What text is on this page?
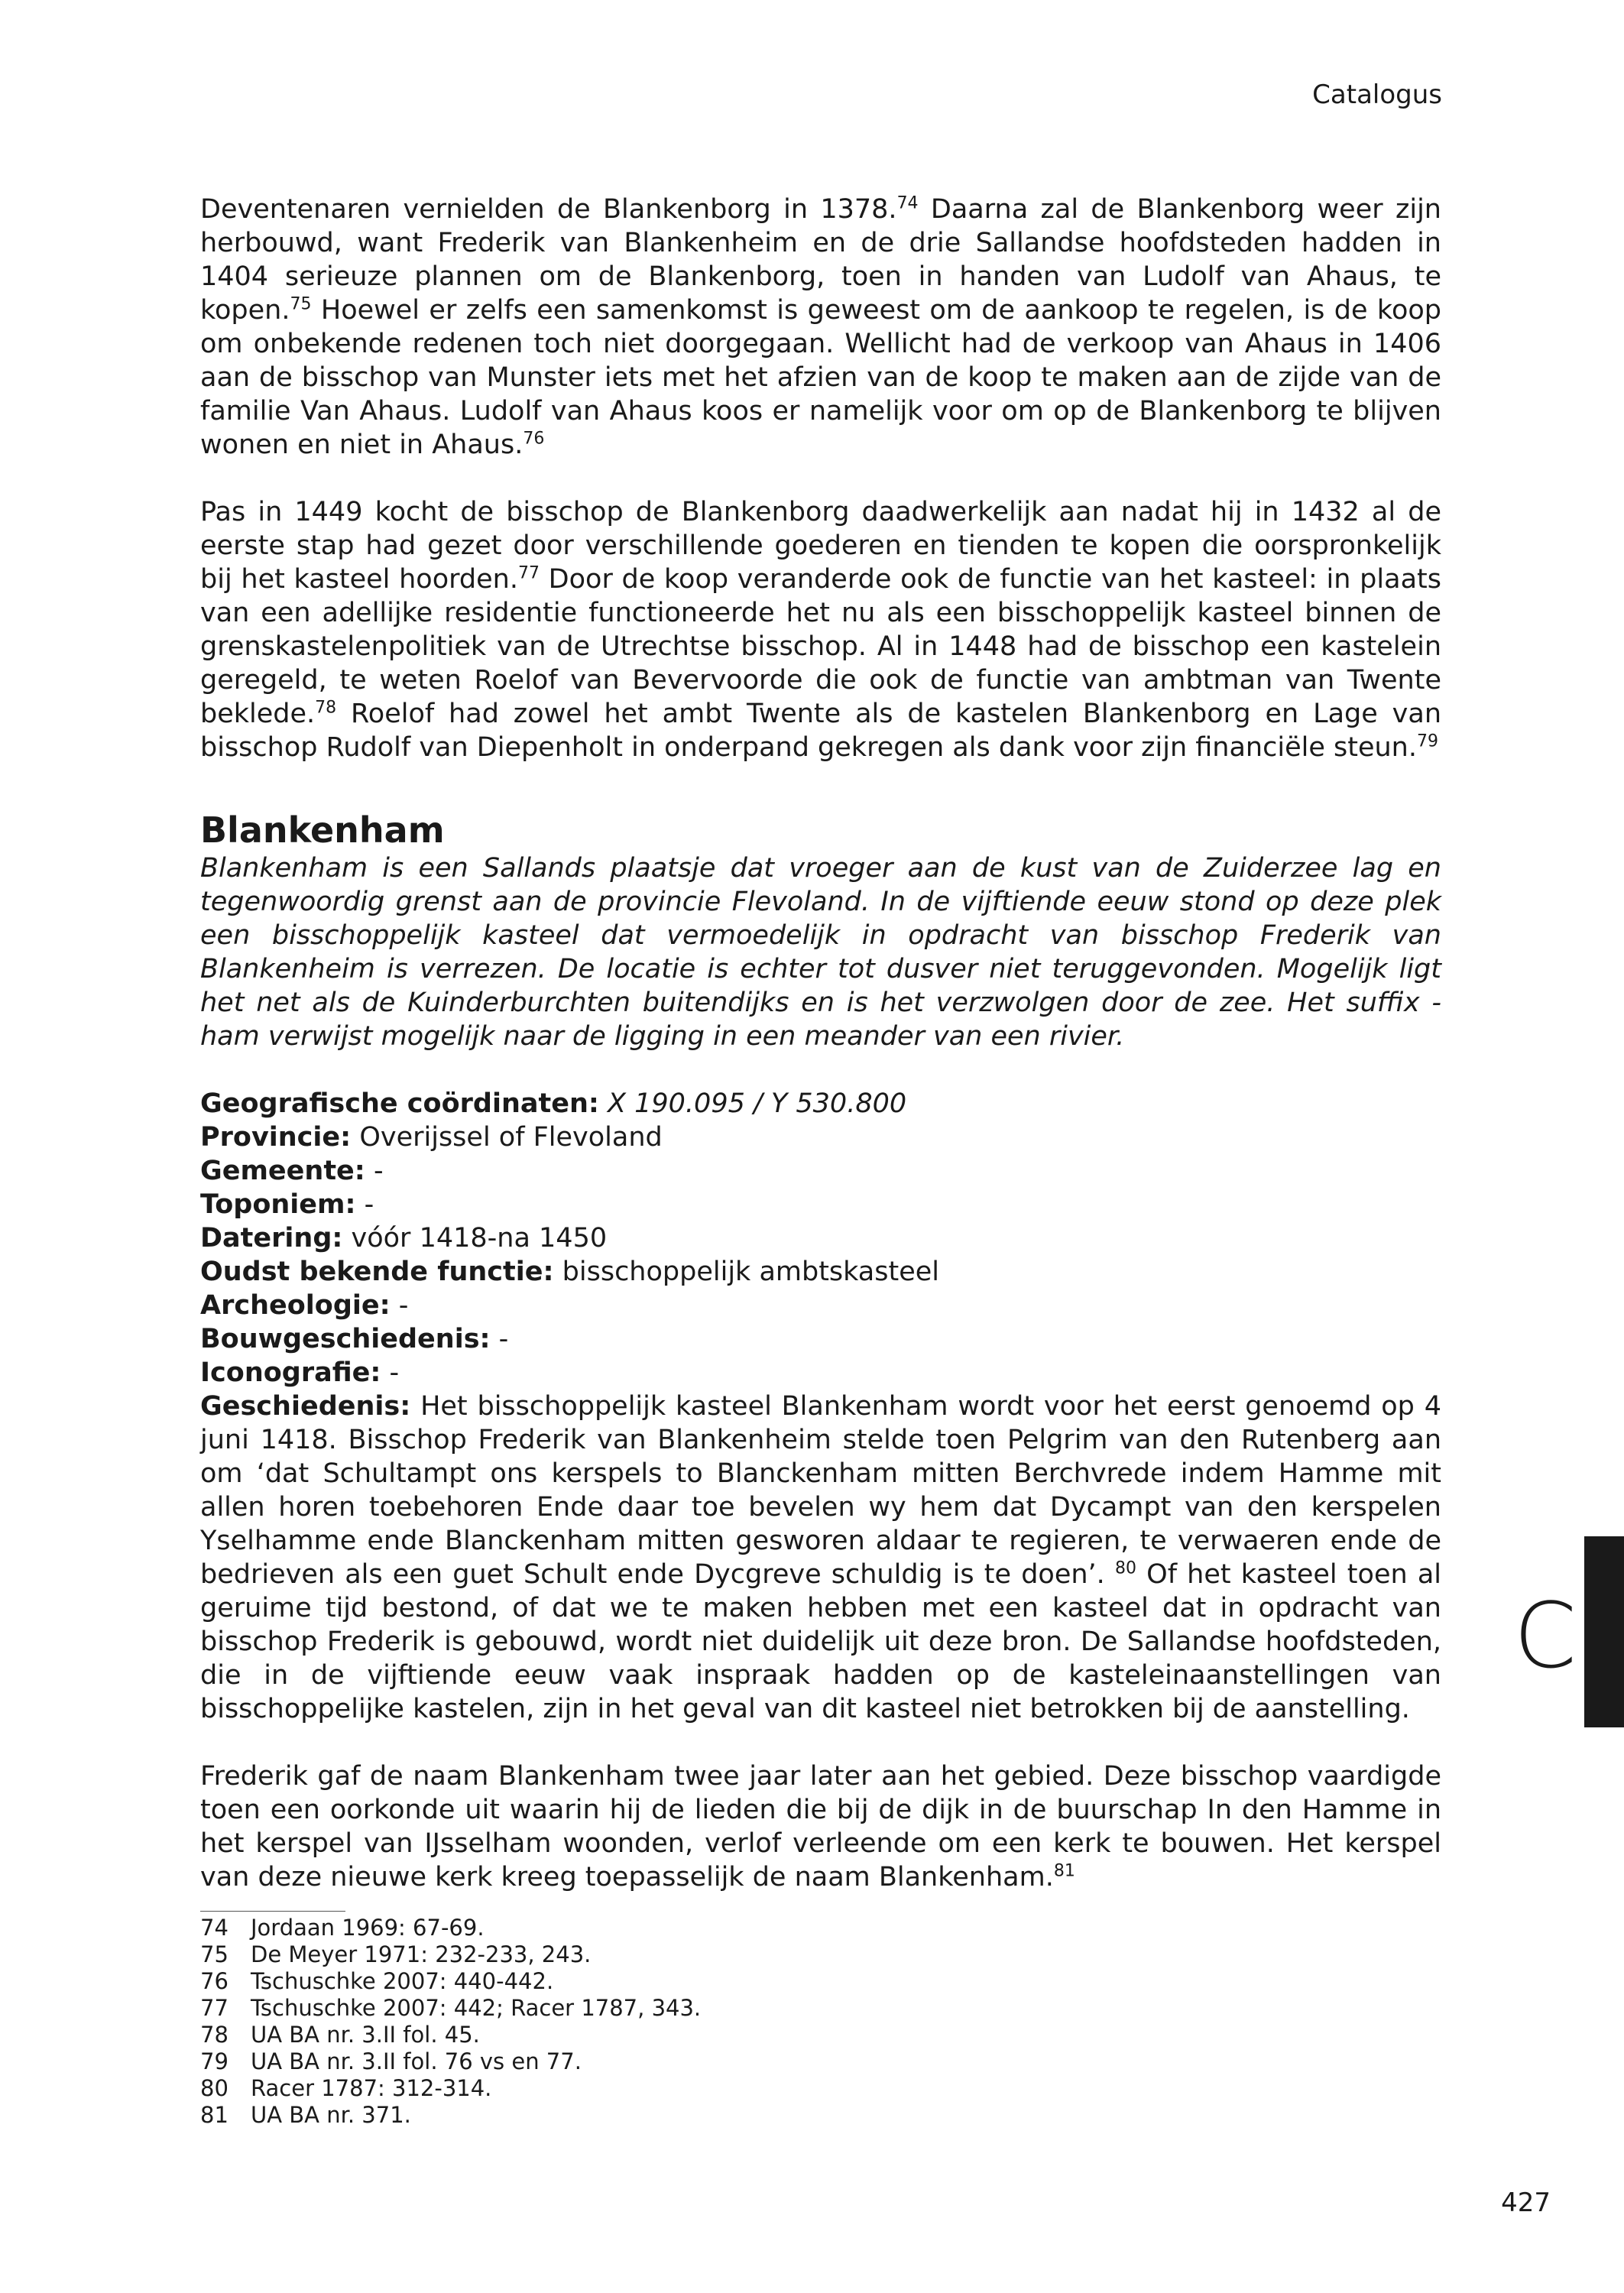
Catalogus

Deventenaren vernielden de Blankenborg in 1378.74 Daarna zal de Blankenborg weer zijn herbouwd, want Frederik van Blankenheim en de drie Sallandse hoofdsteden hadden in 1404 serieuze plannen om de Blankenborg, toen in handen van Ludolf van Ahaus, te kopen.$^{75}$ Hoewel er zelfs een samenkomst is geweest om de aankoop te regelen, is de koop om onbekende redenen toch niet doorgegaan. Wellicht had de verkoop van Ahaus in 1406 aan de bisschop van Munster iets met het afzien van de koop te maken aan de zijde van de familie Van Ahaus. Ludolf van Ahaus koos er namelijk voor om op de Blankenborg te blijven wonen en niet in Ahaus.$^{76}$

Pas in 1449 kocht de bisschop de Blankenborg daadwerkelijk aan nadat hij in 1432 al de eerste stap had gezet door verschillende goederen en tienden te kopen die oorspronkelijk bij het kasteel hoorden.$^{77}$ Door de koop veranderde ook de functie van het kasteel: in plaats van een adellijke residentie functioneerde het nu als een bisschoppelijk kasteel binnen de grenskastelenpolitiek van de Utrechtse bisschop. Al in 1448 had de bisschop een kastelein geregeld, te weten Roelof van Bevervoorde die ook de functie van ambtman van Twente beklede.$^{78}$ Roelof had zowel het ambt Twente als de kastelen Blankenborg en Lage van bisschop Rudolf van Diepenholt in onderpand gekregen als dank voor zijn financiële steun.$^{79}$

Blankenham

Blankenham is een Sallands plaatsje dat vroeger aan de kust van de Zuiderzee lag en tegenwoordig grenst aan de provincie Flevoland. In de vijftiende eeuw stond op deze plek een bisschoppelijk kasteel dat vermoedelijk in opdracht van bisschop Frederik van Blankenheim is verrezen. De locatie is echter tot dusver niet teruggevonden. Mogelijk ligt het net als de Kuinderburchten buitendijks en is het verzwolgen door de zee. Het suffix -ham verwijst mogelijk naar de ligging in een meander van een rivier.

Geografische coördinaten: X 190.095 / Y 530.800

Provincie: Overijssel of Flevoland

Gemeente: -

Toponiem: -

Datering: vóór 1418-na 1450

Oudst bekende functie: bisschoppelijk ambtskasteel

Archeologie: -

Bouwgeschiedenis: -

Iconografie: -

Geschiedenis: Het bisschoppelijk kasteel Blankenham wordt voor het eerst genoemd op 4 juni 1418. Bisschop Frederik van Blankenheim stelde toen Pelgrim van den Rutenberg aan om ‘dat Schultampt ons kerspels to Blanckenham mitten Berchvrede indem Hamme mit allen horen toebehoren Ende daar toe bevelen wy hem dat Dycampt van den kerspelen Yselhamme ende Blanckenham mitten gesworen aldaar te regieren, te verwaeren ende de bedrieven als een guet Schult ende Dycgreve schuldig is te doen’. $^{80}$ Of het kasteel toen al geruime tijd bestond, of dat we te maken hebben met een kasteel dat in opdracht van bisschop Frederik is gebouwd, wordt niet duidelijk uit deze bron. De Sallandse hoofdsteden, die in de vijftiende eeuw vaak inspraak hadden op de kasteleinaanstellingen van bisschoppelijke kastelen, zijn in het geval van dit kasteel niet betrokken bij de aanstelling.

Frederik gaf de naam Blankenham twee jaar later aan het gebied. Deze bisschop vaardigde toen een oorkonde uit waarin hij de lieden die bij de dijk in de buurschap In den Hamme in het kerspel van IJsselham woonden, verlof verleende om een kerk te bouwen. Het kerspel van deze nieuwe kerk kreeg toepasselijk de naam Blankenham.$^{81}$

74	Jordaan 1969: 67-69.
75	De Meyer 1971: 232-233, 243.
76	Tschuschke 2007: 440-442.
77	Tschuschke 2007: 442; Racer 1787, 343.
78	UA BA nr. 3.II fol. 45.
79	UA BA nr. 3.II fol. 76 vs en 77.
80	Racer 1787: 312-314.
81	UA BA nr. 371.
C
427
